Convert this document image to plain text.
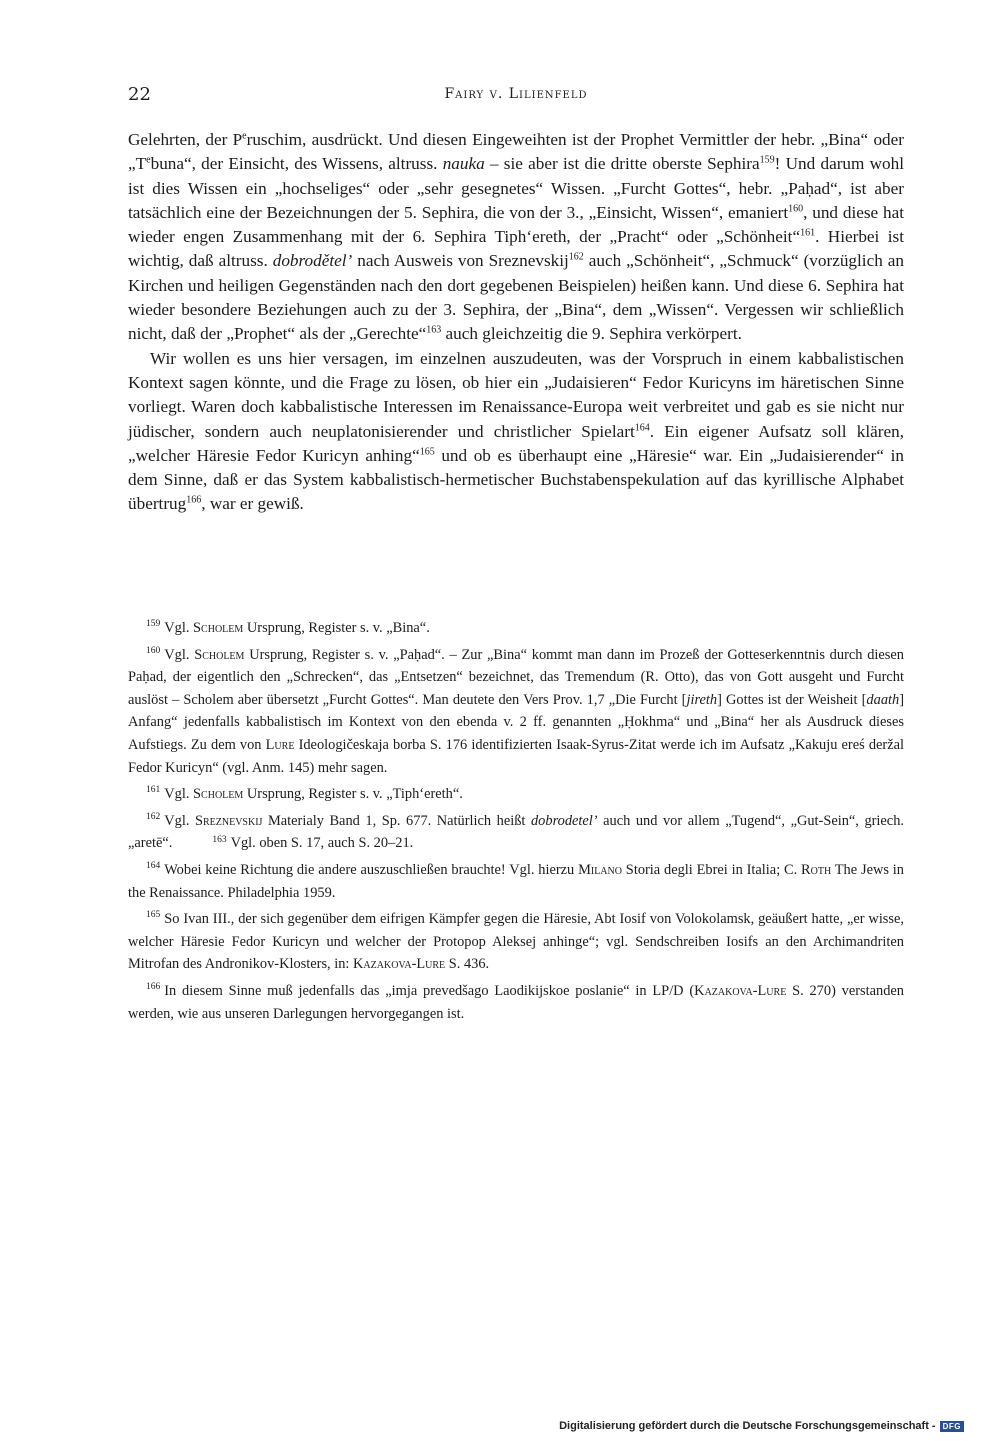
22	Fairy v. Lilienfeld

Gelehrten, der P$^e$ruschim, ausdrückt. Und diesen Eingeweihten ist der Prophet Vermittler der hebr. „Bina“ oder „T$^e$buna“, der Einsicht, des Wissens, altruss. nauka – sie aber ist die dritte oberste Sephira$^{159}$! Und darum wohl ist dies Wissen ein „hochseliges“ oder „sehr gesegnetes“ Wissen. „Furcht Gottes“, hebr. „Paḥad“, ist aber tatsächlich eine der Bezeichnungen der 5. Sephira, die von der 3., „Einsicht, Wissen“, emaniert$^{160}$, und diese hat wieder engen Zusammenhang mit der 6. Sephira Tiph‘ereth, der „Pracht“ oder „Schönheit“$^{161}$. Hierbei ist wichtig, daß altruss. dobrodětel’ nach Ausweis von Sreznevskij$^{162}$ auch „Schönheit“, „Schmuck“ (vorzüglich an Kirchen und heiligen Gegenständen nach den dort gegebenen Beispielen) heißen kann. Und diese 6. Sephira hat wieder besondere Beziehungen auch zu der 3. Sephira, der „Bina“, dem „Wissen“. Vergessen wir schließlich nicht, daß der „Prophet“ als der „Gerechte“$^{163}$ auch gleichzeitig die 9. Sephira verkörpert.

Wir wollen es uns hier versagen, im einzelnen auszudeuten, was der Vorspruch in einem kabbalistischen Kontext sagen könnte, und die Frage zu lösen, ob hier ein „Judaisieren“ Fedor Kuricyns im häretischen Sinne vorliegt. Waren doch kabbalistische Interessen im Renaissance-Europa weit verbreitet und gab es sie nicht nur jüdischer, sondern auch neuplatonisierender und christlicher Spielart$^{164}$. Ein eigener Aufsatz soll klären, „welcher Häresie Fedor Kuricyn anhing“$^{165}$ und ob es überhaupt eine „Häresie“ war. Ein „Judaisierender“ in dem Sinne, daß er das System kabbalistisch-hermetischer Buchstabenspekulation auf das kyrillische Alphabet übertrug$^{166}$, war er gewiß.

$^{159}$ Vgl. Scholem Ursprung, Register s. v. „Bina“.

$^{160}$ Vgl. Scholem Ursprung, Register s. v. „Paḥad“. – Zur „Bina“ kommt man dann im Prozeß der Gotteserkenntnis durch diesen Paḥad, der eigentlich den „Schrecken“, das „Entsetzen“ bezeichnet, das Tremendum (R. Otto), das von Gott ausgeht und Furcht auslöst – Scholem aber übersetzt „Furcht Gottes“. Man deutete den Vers Prov. 1,7 „Die Furcht [jireth] Gottes ist der Weisheit [daath] Anfang“ jedenfalls kabbalistisch im Kontext von den ebenda v. 2 ff. genannten „Ḥokhma“ und „Bina“ her als Ausdruck dieses Aufstiegs. Zu dem von Lure Ideologičeskaja borba S. 176 identifizierten Isaak-Syrus-Zitat werde ich im Aufsatz „Kakuju ereś deržal Fedor Kuricyn“ (vgl. Anm. 145) mehr sagen.

$^{161}$ Vgl. Scholem Ursprung, Register s. v. „Tiph‘ereth“.

$^{162}$ Vgl. Sreznevskij Materialy Band 1, Sp. 677. Natürlich heißt dobrodetel’ auch und vor allem „Tugend“, „Gut-Sein“, griech. „aretē“.	$^{163}$ Vgl. oben S. 17, auch S. 20–21.

$^{164}$ Wobei keine Richtung die andere auszuschließen brauchte! Vgl. hierzu Milano Storia degli Ebrei in Italia; C. Roth The Jews in the Renaissance. Philadelphia 1959.

$^{165}$ So Ivan III., der sich gegenüber dem eifrigen Kämpfer gegen die Häresie, Abt Iosif von Volokolamsk, geäußert hatte, „er wisse, welcher Häresie Fedor Kuricyn und welcher der Protopop Aleksej anhinge“; vgl. Sendschreiben Iosifs an den Archimandriten Mitrofan des Andronikov-Klosters, in: Kazakova-Lure S. 436.

$^{166}$ In diesem Sinne muß jedenfalls das „imja prevedšago Laodikijskoe poslanie“ in LP/D (Kazakova-Lure S. 270) verstanden werden, wie aus unseren Darlegungen hervorgegangen ist.

Digitalisierung gefördert durch die Deutsche Forschungsgemeinschaft - DFG
